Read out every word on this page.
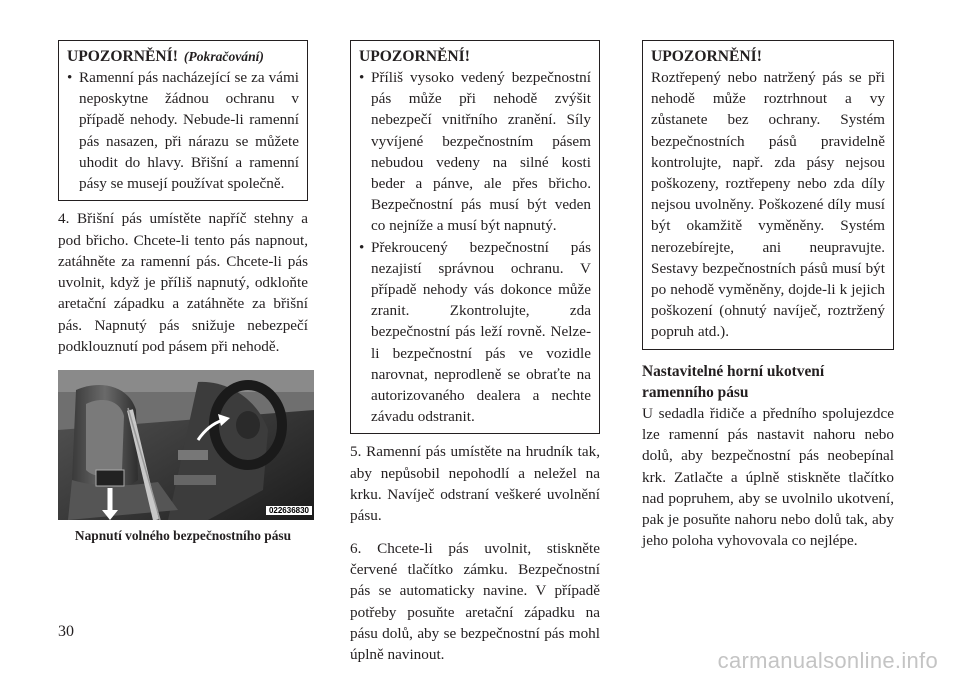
UPOZORNĚNÍ! (Pokračování)
• Ramenní pás nacházející se za vámi neposkytne žádnou ochranu v případě nehody. Nebude-li ramenní pás nasazen, při nárazu se můžete uhodit do hlavy. Břišní a ramenní pásy se musejí používat společně.

4. Břišní pás umístěte napříč stehny a pod břicho. Chcete-li tento pás napnout, zatáhněte za ramenní pás. Chcete-li pás uvolnit, když je příliš napnutý, odkloňte aretační západku a zatáhněte za břišní pás. Napnutý pás snižuje nebezpečí podklouznutí pod pásem při nehodě.

022636830
Napnutí volného bezpečnostního pásu
UPOZORNĚNÍ!
• Příliš vysoko vedený bezpečnostní pás může při nehodě zvýšit nebezpečí vnitřního zranění. Síly vyvíjené bezpečnostním pásem nebudou vedeny na silné kosti beder a pánve, ale přes břicho. Bezpečnostní pás musí být veden co nejníže a musí být napnutý.
• Překroucený bezpečnostní pás nezajistí správnou ochranu. V případě nehody vás dokonce může zranit. Zkontrolujte, zda bezpečnostní pás leží rovně. Nelze-li bezpečnostní pás ve vozidle narovnat, neprodleně se obraťte na autorizovaného dealera a nechte závadu odstranit.

5. Ramenní pás umístěte na hrudník tak, aby nepůsobil nepohodlí a neležel na krku. Navíječ odstraní veškeré uvolnění pásu.

6. Chcete-li pás uvolnit, stiskněte červené tlačítko zámku. Bezpečnostní pás se automaticky navine. V případě potřeby posuňte aretační západku na pásu dolů, aby se bezpečnostní pás mohl úplně navinout.

UPOZORNĚNÍ!

Roztřepený nebo natržený pás se při nehodě může roztrhnout a vy zůstanete bez ochrany. Systém bezpečnostních pásů pravidelně kontrolujte, např. zda pásy nejsou poškozeny, roztřepeny nebo zda díly nejsou uvolněny. Poškozené díly musí být okamžitě vyměněny. Systém nerozebírejte, ani neupravujte. Sestavy bezpečnostních pásů musí být po nehodě vyměněny, dojde-li k jejich poškození (ohnutý navíječ, roztržený popruh atd.).

Nastavitelné horní ukotvení ramenního pásu

U sedadla řidiče a předního spolujezdce lze ramenní pás nastavit nahoru nebo dolů, aby bezpečnostní pás neobepínal krk. Zatlačte a úplně stiskněte tlačítko nad popruhem, aby se uvolnilo ukotvení, pak je posuňte nahoru nebo dolů tak, aby jeho poloha vyhovovala co nejlépe.

30
carmanualsonline.info
